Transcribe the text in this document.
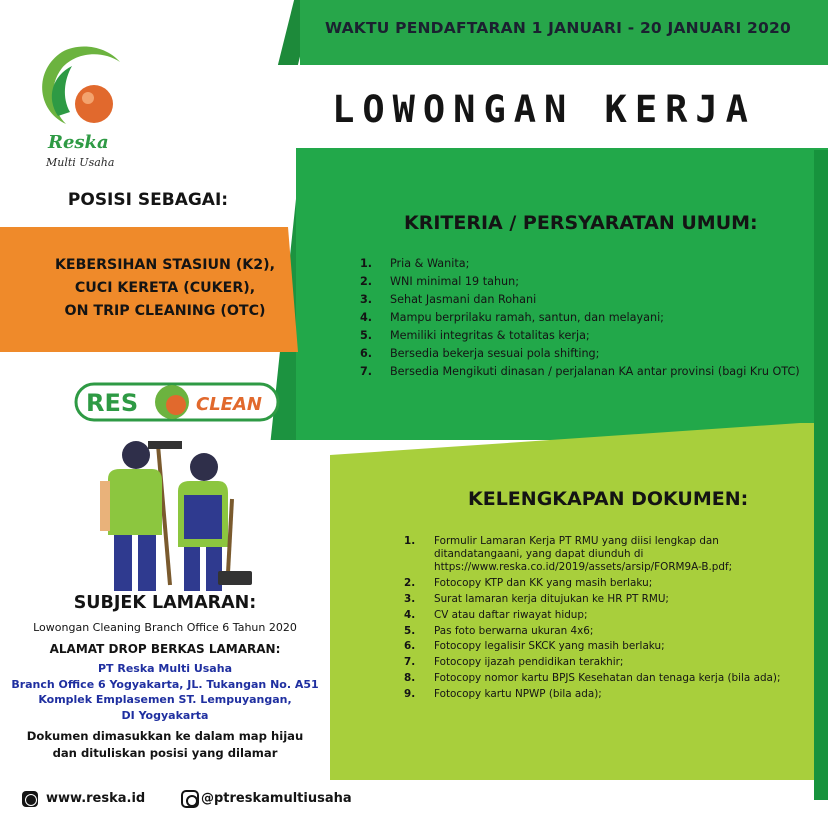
WAKTU PENDAFTARAN 1 JANUARI - 20 JANUARI 2020
LOWONGAN KERJA
KRITERIA / PERSYARATAN UMUM:
1.	Pria & Wanita;
2.	WNI minimal 19 tahun;
3.	Sehat Jasmani dan Rohani
4.	Mampu berprilaku ramah, santun, dan melayani;
5.	Memiliki integritas & totalitas kerja;
6.	Bersedia bekerja sesuai pola shifting;
7.	Bersedia Mengikuti dinasan / perjalanan KA antar provinsi (bagi Kru OTC)
KELENGKAPAN DOKUMEN:
1.	Formulir Lamaran Kerja PT RMU yang diisi lengkap dan ditandatangaani, yang dapat diunduh di https://www.reska.co.id/2019/assets/arsip/FORM9A-B.pdf;
2.	Fotocopy KTP dan KK yang masih berlaku;
3.	Surat lamaran kerja ditujukan ke HR PT RMU;
4.	CV atau daftar riwayat hidup;
5.	Pas foto berwarna ukuran 4x6;
6.	Fotocopy legalisir SKCK yang masih berlaku;
7.	Fotocopy ijazah pendidikan terakhir;
8.	Fotocopy nomor kartu BPJS Kesehatan dan tenaga kerja (bila ada);
9.	Fotocopy kartu NPWP (bila ada);
Reska
Multi Usaha
POSISI SEBAGAI:
KEBERSIHAN STASIUN (K2),
CUCI KERETA (CUKER),
ON TRIP CLEANING (OTC)
RES	CLEAN
SUBJEK LAMARAN:
Lowongan Cleaning Branch Office 6 Tahun 2020
ALAMAT DROP BERKAS LAMARAN:
PT Reska Multi Usaha
Branch Office 6 Yogyakarta, JL. Tukangan No. A51
Komplek Emplasemen ST. Lempuyangan,
DI Yogyakarta
Dokumen dimasukkan ke dalam map hijau
dan dituliskan posisi yang dilamar
www.reska.id	@ptreskamultiusaha
